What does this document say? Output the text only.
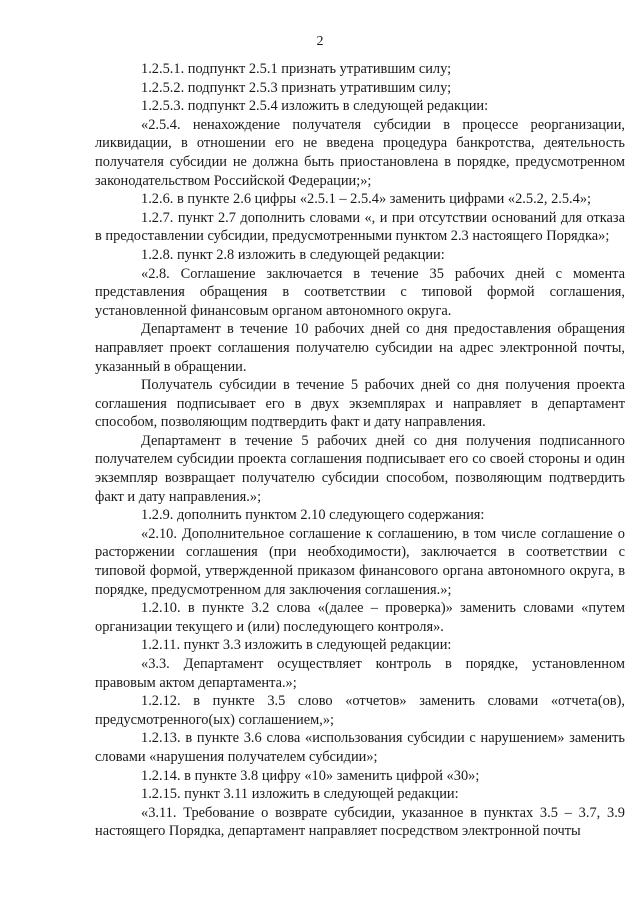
2

1.2.5.1. подпункт 2.5.1 признать утратившим силу;

1.2.5.2. подпункт 2.5.3 признать утратившим силу;

1.2.5.3. подпункт 2.5.4 изложить в следующей редакции:

«2.5.4. ненахождение получателя субсидии в процессе реорганизации, ликвидации, в отношении его не введена процедура банкротства, деятельность получателя субсидии не должна быть приостановлена в порядке, предусмотренном законодательством Российской Федерации;»;

1.2.6. в пункте 2.6 цифры «2.5.1 – 2.5.4» заменить цифрами «2.5.2, 2.5.4»;

1.2.7. пункт 2.7 дополнить словами «, и при отсутствии оснований для отказа в предоставлении субсидии, предусмотренными пунктом 2.3 настоящего Порядка»;

1.2.8. пункт 2.8 изложить в следующей редакции:

«2.8. Соглашение заключается в течение 35 рабочих дней с момента представления обращения в соответствии с типовой формой соглашения, установленной финансовым органом автономного округа.

Департамент в течение 10 рабочих дней со дня предоставления обращения направляет проект соглашения получателю субсидии на адрес электронной почты, указанный в обращении.

Получатель субсидии в течение 5 рабочих дней со дня получения проекта соглашения подписывает его в двух экземплярах и направляет в департамент способом, позволяющим подтвердить факт и дату направления.

Департамент в течение 5 рабочих дней со дня получения подписанного получателем субсидии проекта соглашения подписывает его со своей стороны и один экземпляр возвращает получателю субсидии способом, позволяющим подтвердить факт и дату направления.»;

1.2.9. дополнить пунктом 2.10 следующего содержания:

«2.10. Дополнительное соглашение к соглашению, в том числе соглашение о расторжении соглашения (при необходимости), заключается в соответствии с типовой формой, утвержденной приказом финансового органа автономного округа, в порядке, предусмотренном для заключения соглашения.»;

1.2.10. в пункте 3.2 слова «(далее – проверка)» заменить словами «путем организации текущего и (или) последующего контроля».

1.2.11. пункт 3.3 изложить в следующей редакции:

«3.3. Департамент осуществляет контроль в порядке, установленном правовым актом департамента.»;

1.2.12. в пункте 3.5 слово «отчетов» заменить словами «отчета(ов), предусмотренного(ых) соглашением,»;

1.2.13. в пункте 3.6 слова «использования субсидии с нарушением» заменить словами «нарушения получателем субсидии»;

1.2.14. в пункте 3.8 цифру «10» заменить цифрой «30»;

1.2.15. пункт 3.11 изложить в следующей редакции:

«3.11. Требование о возврате субсидии, указанное в пунктах 3.5 – 3.7, 3.9 настоящего Порядка, департамент направляет посредством электронной почты
